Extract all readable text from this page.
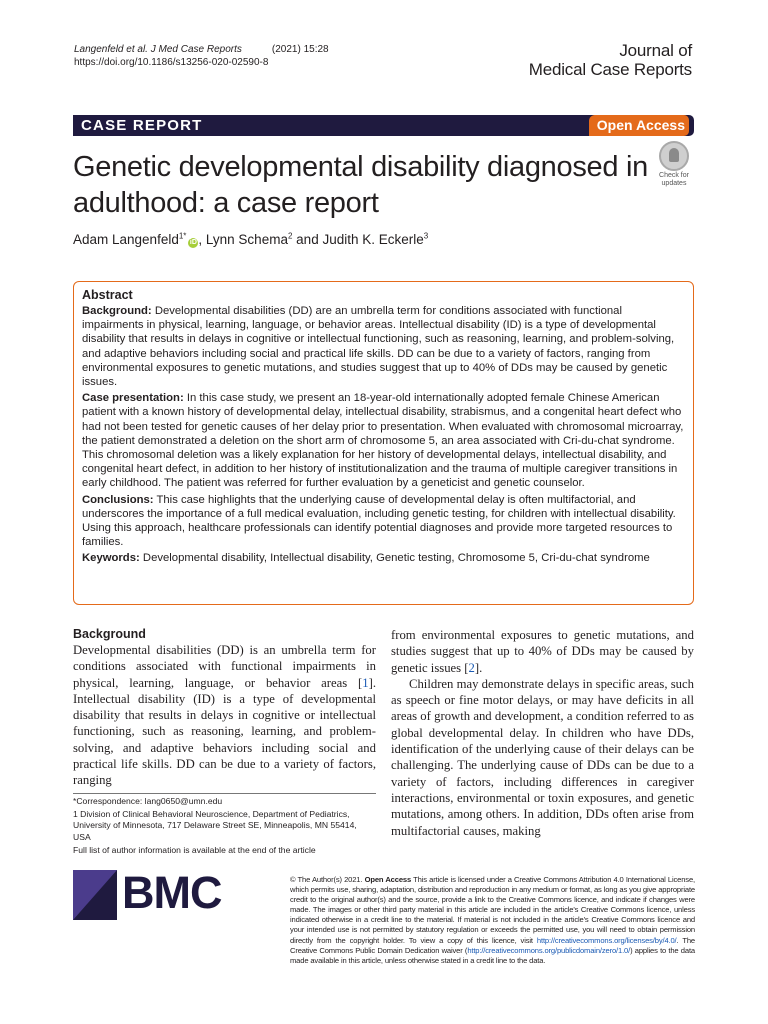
Langenfeld et al. J Med Case Reports	(2021) 15:28
https://doi.org/10.1186/s13256-020-02590-8
Journal of
Medical Case Reports
CASE REPORT	Open Access
Genetic developmental disability diagnosed in adulthood: a case report
Check for
updates
Adam Langenfeld$^{1*}$iD , Lynn Schema$^2$ and Judith K. Eckerle$^3$
Abstract

Background: Developmental disabilities (DD) are an umbrella term for conditions associated with functional impairments in physical, learning, language, or behavior areas. Intellectual disability (ID) is a type of developmental disability that results in delays in cognitive or intellectual functioning, such as reasoning, learning, and problem-solving, and adaptive behaviors including social and practical life skills. DD can be due to a variety of factors, ranging from environmental exposures to genetic mutations, and studies suggest that up to 40% of DDs may be caused by genetic issues.

Case presentation: In this case study, we present an 18-year-old internationally adopted female Chinese American patient with a known history of developmental delay, intellectual disability, strabismus, and a congenital heart defect who had not been tested for genetic causes of her delay prior to presentation. When evaluated with chromosomal microarray, the patient demonstrated a deletion on the short arm of chromosome 5, an area associated with Cri-du-chat syndrome. This chromosomal deletion was a likely explanation for her history of developmental delays, intellectual disability, and congenital heart defect, in addition to her history of institutionalization and the trauma of multiple caregiver transitions in early childhood. The patient was referred for further evaluation by a geneticist and genetic counselor.

Conclusions: This case highlights that the underlying cause of developmental delay is often multifactorial, and underscores the importance of a full medical evaluation, including genetic testing, for children with intellectual disability. Using this approach, healthcare professionals can identify potential diagnoses and provide more targeted resources to families.

Keywords: Developmental disability, Intellectual disability, Genetic testing, Chromosome 5, Cri-du-chat syndrome

Background

Developmental disabilities (DD) is an umbrella term for conditions associated with functional impairments in physical, learning, language, or behavior areas [1]. Intellectual disability (ID) is a type of developmental disability that results in delays in cognitive or intellectual functioning, such as reasoning, learning, and problem-solving, and adaptive behaviors including social and practical life skills. DD can be due to a variety of factors, ranging

from environmental exposures to genetic mutations, and studies suggest that up to 40% of DDs may be caused by genetic issues [2].

Children may demonstrate delays in specific areas, such as speech or fine motor delays, or may have deficits in all areas of growth and development, a condition referred to as global developmental delay. In children who have DDs, identification of the underlying cause of their delays can be challenging. The underlying cause of DDs can be due to a variety of factors, including differences in caregiver interactions, environmental or toxin exposures, and genetic mutations, among others. In addition, DDs often arise from multifactorial causes, making

*Correspondence: lang0650@umn.edu

1 Division of Clinical Behavioral Neuroscience, Department of Pediatrics, University of Minnesota, 717 Delaware Street SE, Minneapolis, MN 55414, USA

Full list of author information is available at the end of the article

BMC	© The Author(s) 2021. Open Access This article is licensed under a Creative Commons Attribution 4.0 International License, which permits use, sharing, adaptation, distribution and reproduction in any medium or format, as long as you give appropriate credit to the original author(s) and the source, provide a link to the Creative Commons licence, and indicate if changes were made. The images or other third party material in this article are included in the article's Creative Commons licence, unless indicated otherwise in a credit line to the material. If material is not included in the article's Creative Commons licence and your intended use is not permitted by statutory regulation or exceeds the permitted use, you will need to obtain permission directly from the copyright holder. To view a copy of this licence, visit http://creativecommons.org/licenses/by/4.0/. The Creative Commons Public Domain Dedication waiver (http://creativecommons.org/publicdomain/zero/1.0/) applies to the data made available in this article, unless otherwise stated in a credit line to the data.
